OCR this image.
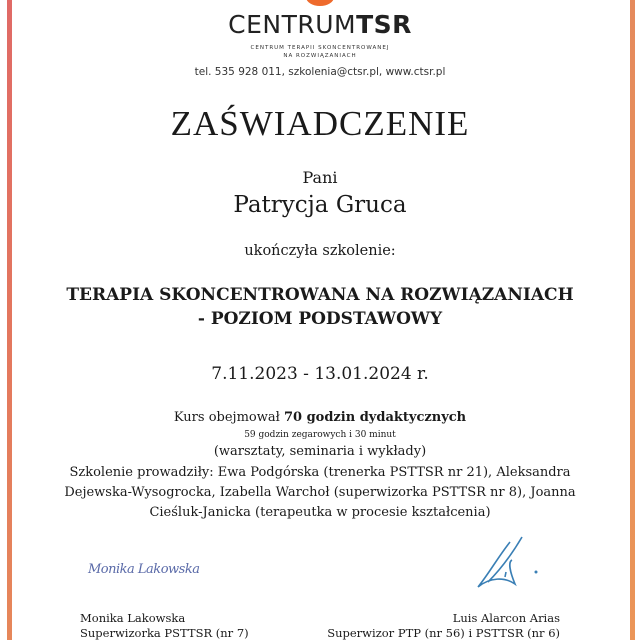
CENTRUMTSR
CENTRUM TERAPII SKONCENTROWANEJ
NA ROZWIĄZANIACH
tel. 535 928 011, szkolenia@ctsr.pl, www.ctsr.pl
ZAŚWIADCZENIE
Pani
Patrycja Gruca
ukończyła szkolenie:
TERAPIA SKONCENTROWANA NA ROZWIĄZANIACH
- POZIOM PODSTAWOWY
7.11.2023 - 13.01.2024 r.
Kurs obejmował 70 godzin dydaktycznych
59 godzin zegarowych i 30 minut
(warsztaty, seminaria i wykłady)
Szkolenie prowadziły: Ewa Podgórska (trenerka PSTTSR nr 21), Aleksandra Dejewska-Wysogrocka, Izabella Warchoł (superwizorka PSTTSR nr 8), Joanna Cieśluk-Janicka (terapeutka w procesie kształcenia)
Monika Lakowska
Monika Lakowska
Superwizorka PSTTSR (nr 7)
Luis Alarcon Arias
Superwizor PTP (nr 56) i PSTTSR (nr 6)
